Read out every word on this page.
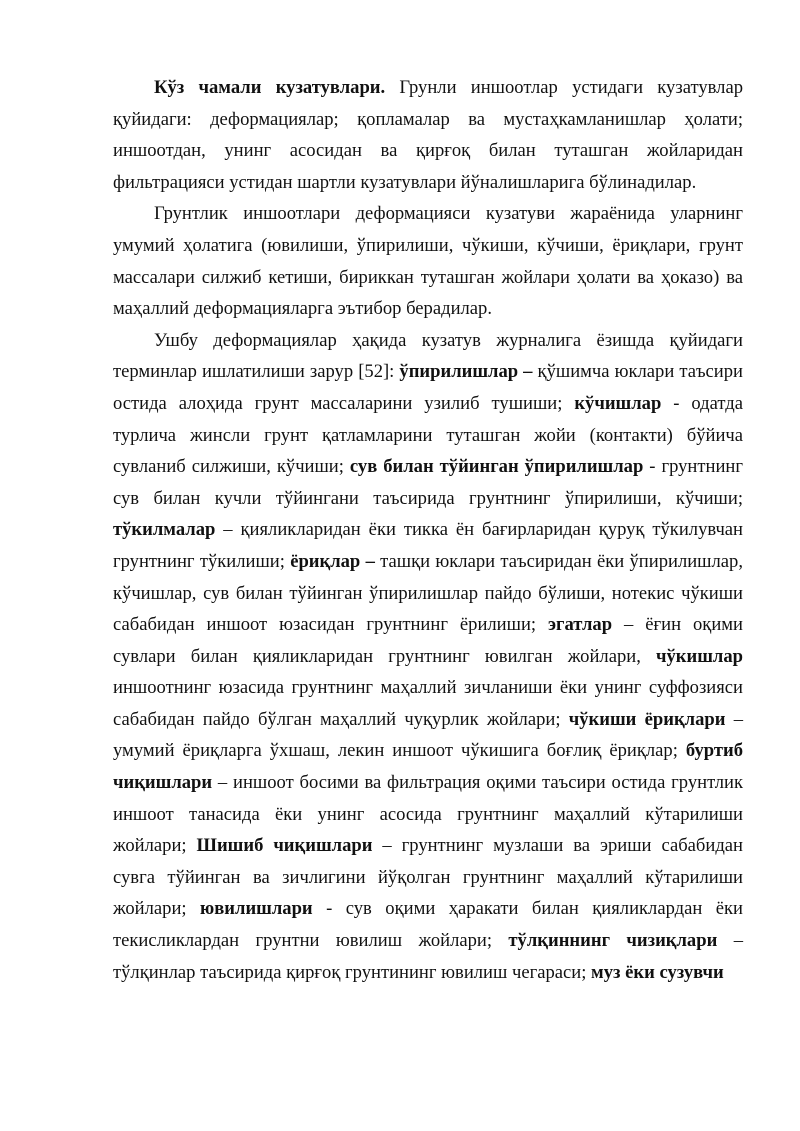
Кўз чамали кузатувлари. Грунли иншоотлар устидаги кузатувлар қуйидаги: деформациялар; қопламалар ва мустаҳкамланишлар ҳолати; иншоотдан, унинг асосидан ва қирғоқ билан туташган жойларидан фильтрацияси устидан шартли кузатувлари йўналишларига бўлинадилар.

Грунтлик иншоотлари деформацияси кузатуви жараёнида уларнинг умумий ҳолатига (ювилиши, ўпирилиши, чўкиши, кўчиши, ёриқлари, грунт массалари силжиб кетиши, бириккан туташган жойлари ҳолати ва ҳоказо) ва маҳаллий деформацияларга эътибор берадилар.

Ушбу деформациялар ҳақида кузатув журналига ёзишда қуйидаги терминлар ишлатилиши зарур [52]: ўпирилишлар – қўшимча юклари таъсири остида алоҳида грунт массаларини узилиб тушиши; кўчишлар - одатда турлича жинсли грунт қатламларини туташган жойи (контакти) бўйича сувланиб силжиши, кўчиши; сув билан тўйинган ўпирилишлар - грунтнинг сув билан кучли тўйингани таъсирида грунтнинг ўпирилиши, кўчиши; тўкилмалар – қияликларидан ёки тикка ён бағирларидан қуруқ тўкилувчан грунтнинг тўкилиши; ёриқлар – ташқи юклари таъсиридан ёки ўпирилишлар, кўчишлар, сув билан тўйинган ўпирилишлар пайдо бўлиши, нотекис чўкиши сабабидан иншоот юзасидан грунтнинг ёрилиши; эгатлар – ёғин оқими сувлари билан қияликларидан грунтнинг ювилган жойлари, чўкишлар иншоотнинг юзасида грунтнинг маҳаллий зичланиши ёки унинг суффозияси сабабидан пайдо бўлган маҳаллий чуқурлик жойлари; чўкиши ёриқлари – умумий ёриқларга ўхшаш, лекин иншоот чўкишига боғлиқ ёриқлар; буртиб чиқишлари – иншоот босими ва фильтрация оқими таъсири остида грунтлик иншоот танасида ёки унинг асосида грунтнинг маҳаллий кўтарилиши жойлари; Шишиб чиқишлари – грунтнинг музлаши ва эриши сабабидан сувга тўйинган ва зичлигини йўқолган грунтнинг маҳаллий кўтарилиши жойлари; ювилишлари - сув оқими ҳаракати билан қияликлардан ёки текисликлардан грунтни ювилиш жойлари; тўлқиннинг чизиқлари – тўлқинлар таъсирида қирғоқ грунтининг ювилиш чегараси; муз ёки сузувчи
